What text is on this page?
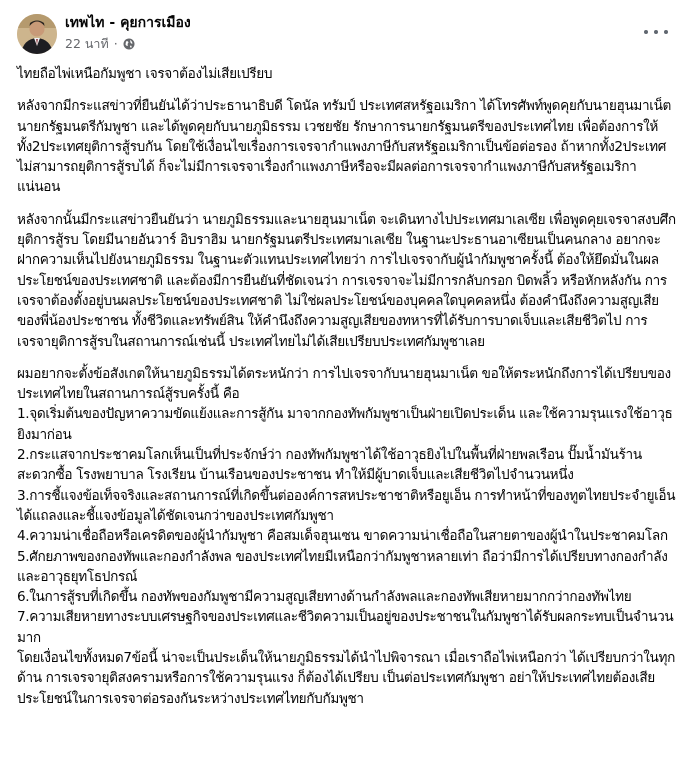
เทพไท - คุยการเมือง
22 นาที ·

ไทยถือไพ่เหนือกัมพูชา เจรจาต้องไม่เสียเปรียบ

หลังจากมีกระแสข่าวที่ยืนยันได้ว่าประธานาธิบดี โดนัล ทรัมป์ ประเทศสหรัฐอเมริกา ได้โทรศัพท์พูดคุยกับนายฮุนมาเน็ต นายกรัฐมนตรีกัมพูชา และได้พูดคุยกับนายภูมิธรรม เวชยชัย รักษาการนายกรัฐมนตรีของประเทศไทย เพื่อต้องการให้ทั้ง2ประเทศยุติการสู้รบกัน โดยใช้เงื่อนไขเรื่องการเจรจากำแพงภาษีกับสหรัฐอเมริกาเป็นข้อต่อรอง ถ้าหากทั้ง2ประเทศไม่สามารถยุติการสู้รบได้ ก็จะไม่มีการเจรจาเรื่องกำแพงภาษีหรือจะมีผลต่อการเจรจากำแพงภาษีกับสหรัฐอเมริกาแน่นอน

หลังจากนั้นมีกระแสข่าวยืนยันว่า นายภูมิธรรมและนายฮุนมาเน็ต จะเดินทางไปประเทศมาเลเซีย เพื่อพูดคุยเจรจาสงบศึกยุติการสู้รบ โดยมีนายอันวาร์ อิบราฮิม นายกรัฐมนตรีประเทศมาเลเซีย ในฐานะประธานอาเซียนเป็นคนกลาง อยากจะฝากความเห็นไปยังนายภูมิธรรม ในฐานะตัวแทนประเทศไทยว่า การไปเจรจากับผู้นำกัมพูชาครั้งนี้ ต้องให้ยึดมั่นในผลประโยชน์ของประเทศชาติ และต้องมีการยืนยันที่ชัดเจนว่า การเจรจาจะไม่มีการกลับกรอก บิดพลิ้ว หรือหักหลังกัน การเจรจาต้องตั้งอยู่บนผลประโยชน์ของประเทศชาติ ไม่ใช่ผลประโยชน์ของบุคคลใดบุคคลหนึ่ง ต้องคำนึงถึงความสูญเสียของพี่น้องประชาชน ทั้งชีวิตและทรัพย์สิน ให้คำนึงถึงความสูญเสียของทหารที่ได้รับการบาดเจ็บและเสียชีวิตไป การเจรจายุติการสู้รบในสถานการณ์เช่นนี้ ประเทศไทยไม่ได้เสียเปรียบประเทศกัมพูชาเลย

ผมอยากจะตั้งข้อสังเกตให้นายภูมิธรรมได้ตระหนักว่า การไปเจรจากับนายฮุนมาเน็ต ขอให้ตระหนักถึงการได้เปรียบของประเทศไทยในสถานการณ์สู้รบครั้งนี้ คือ

1.จุดเริ่มต้นของปัญหาความขัดแย้งและการสู้กัน มาจากกองทัพกัมพูชาเป็นฝ่ายเปิดประเด็น และใช้ความรุนแรงใช้อาวุธยิงมาก่อน

2.กระแสจากประชาคมโลกเห็นเป็นที่ประจักษ์ว่า กองทัพกัมพูชาได้ใช้อาวุธยิงไปในพื้นที่ฝ่ายพลเรือน ปั๊มน้ำมันร้านสะดวกซื้อ โรงพยาบาล โรงเรียน บ้านเรือนของประชาชน ทำให้มีผู้บาดเจ็บและเสียชีวิตไปจำนวนหนึ่ง

3.การชี้แจงข้อเท็จจริงและสถานการณ์ที่เกิดขึ้นต่อองค์การสหประชาชาติหรือยูเอ็น การทำหน้าที่ของทูตไทยประจำยูเอ็น ได้แถลงและชี้แจงข้อมูลได้ชัดเจนกว่าของประเทศกัมพูชา

4.ความน่าเชื่อถือหรือเครดิตของผู้นำกัมพูชา คือสมเด็จฮุนเซน ขาดความน่าเชื่อถือในสายตาของผู้นำในประชาคมโลก

5.ศักยภาพของกองทัพและกองกำลังพล ของประเทศไทยมีเหนือกว่ากัมพูชาหลายเท่า ถือว่ามีการได้เปรียบทางกองกำลังและอาวุธยุทโธปกรณ์

6.ในการสู้รบที่เกิดขึ้น กองทัพของกัมพูชามีความสูญเสียทางด้านกำลังพลและกองทัพเสียหายมากกว่ากองทัพไทย

7.ความเสียหายทางระบบเศรษฐกิจของประเทศและชีวิตความเป็นอยู่ของประชาชนในกัมพูชาได้รับผลกระทบเป็นจำนวนมาก

โดยเงื่อนไขทั้งหมด7ข้อนี้ น่าจะเป็นประเด็นให้นายภูมิธรรมได้นำไปพิจารณา เมื่อเราถือไพ่เหนือกว่า ได้เปรียบกว่าในทุกด้าน การเจรจายุติสงครามหรือการใช้ความรุนแรง ก็ต้องได้เปรียบ เป็นต่อประเทศกัมพูชา อย่าให้ประเทศไทยต้องเสียประโยชน์ในการเจรจาต่อรองกันระหว่างประเทศไทยกับกัมพูชา
